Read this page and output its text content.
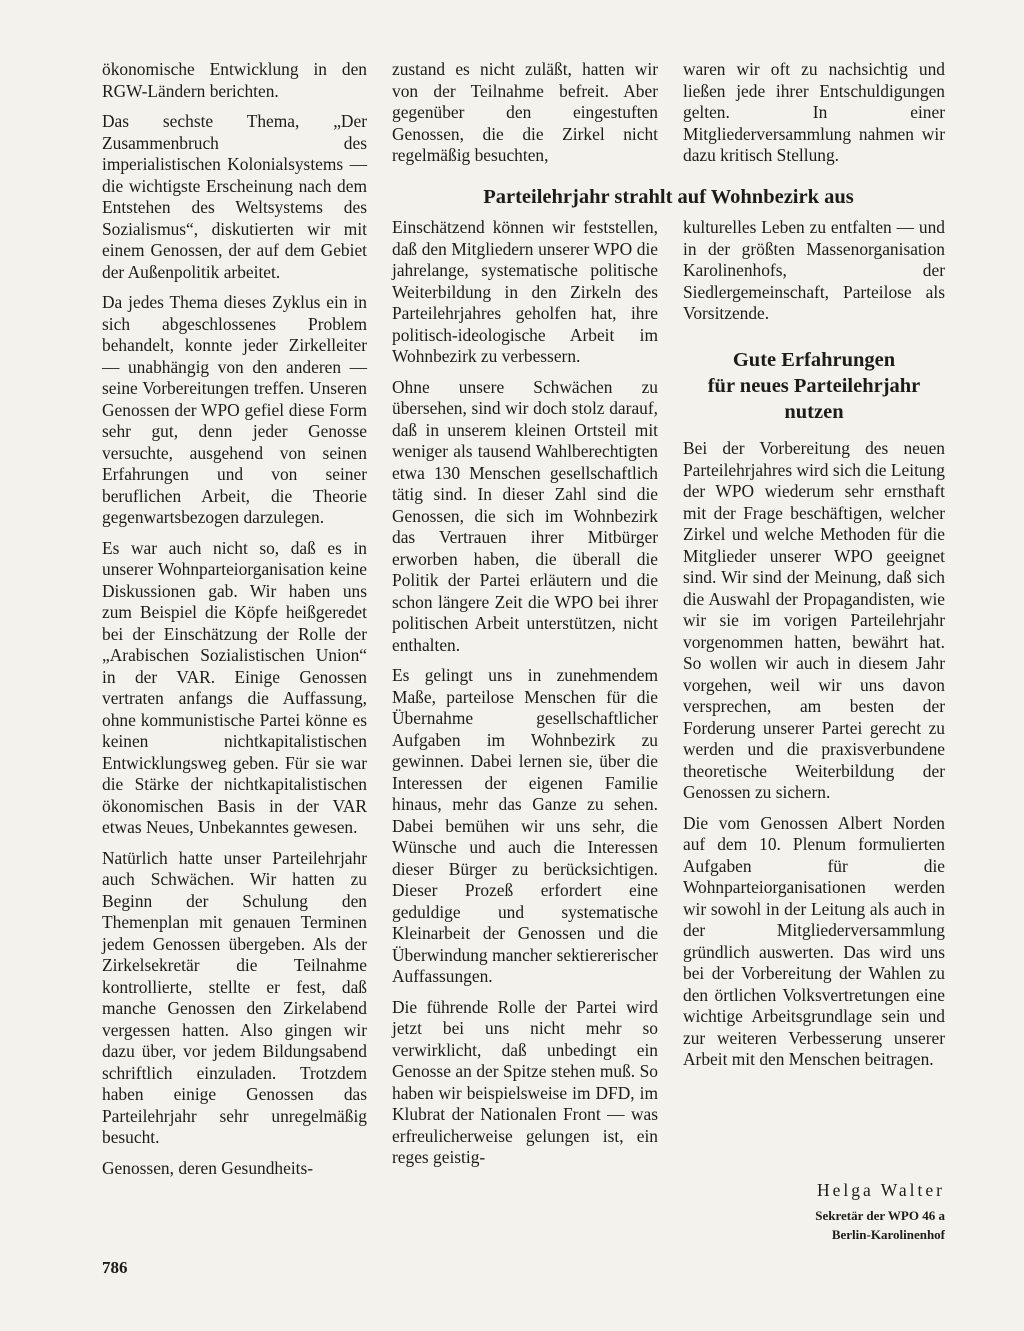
ökonomische Entwicklung in den RGW-Ländern berichten.

Das sechste Thema, „Der Zusammenbruch des imperialistischen Kolonialsystems — die wichtigste Erscheinung nach dem Entstehen des Weltsystems des Sozialismus“, diskutierten wir mit einem Genossen, der auf dem Gebiet der Außenpolitik arbeitet.

Da jedes Thema dieses Zyklus ein in sich abgeschlossenes Problem behandelt, konnte jeder Zirkelleiter — unabhängig von den anderen — seine Vorbereitungen treffen. Unseren Genossen der WPO gefiel diese Form sehr gut, denn jeder Genosse versuchte, ausgehend von seinen Erfahrungen und von seiner beruflichen Arbeit, die Theorie gegenwartsbezogen darzulegen.

Es war auch nicht so, daß es in unserer Wohnparteiorganisation keine Diskussionen gab. Wir haben uns zum Beispiel die Köpfe heißgeredet bei der Einschätzung der Rolle der „Arabischen Sozialistischen Union“ in der VAR. Einige Genossen vertraten anfangs die Auffassung, ohne kommunistische Partei könne es keinen nichtkapitalistischen Entwicklungsweg geben. Für sie war die Stärke der nichtkapitalistischen ökonomischen Basis in der VAR etwas Neues, Unbekanntes gewesen.

Natürlich hatte unser Parteilehrjahr auch Schwächen. Wir hatten zu Beginn der Schulung den Themenplan mit genauen Terminen jedem Genossen übergeben. Als der Zirkelsekretär die Teilnahme kontrollierte, stellte er fest, daß manche Genossen den Zirkelabend vergessen hatten. Also gingen wir dazu über, vor jedem Bildungsabend schriftlich einzuladen. Trotzdem haben einige Genossen das Parteilehrjahr sehr unregelmäßig besucht.

Genossen, deren Gesundheits-

zustand es nicht zuläßt, hatten wir von der Teilnahme befreit. Aber gegenüber den eingestuften Genossen, die die Zirkel nicht regelmäßig besuchten,

waren wir oft zu nachsichtig und ließen jede ihrer Entschuldigungen gelten. In einer Mitgliederversammlung nahmen wir dazu kritisch Stellung.

Parteilehrjahr strahlt auf Wohnbezirk aus

Einschätzend können wir feststellen, daß den Mitgliedern unserer WPO die jahrelange, systematische politische Weiterbildung in den Zirkeln des Parteilehrjahres geholfen hat, ihre politisch-ideologische Arbeit im Wohnbezirk zu verbessern.

Ohne unsere Schwächen zu übersehen, sind wir doch stolz darauf, daß in unserem kleinen Ortsteil mit weniger als tausend Wahlberechtigten etwa 130 Menschen gesellschaftlich tätig sind. In dieser Zahl sind die Genossen, die sich im Wohnbezirk das Vertrauen ihrer Mitbürger erworben haben, die überall die Politik der Partei erläutern und die schon längere Zeit die WPO bei ihrer politischen Arbeit unterstützen, nicht enthalten.

Es gelingt uns in zunehmendem Maße, parteilose Menschen für die Übernahme gesellschaftlicher Aufgaben im Wohnbezirk zu gewinnen. Dabei lernen sie, über die Interessen der eigenen Familie hinaus, mehr das Ganze zu sehen. Dabei bemühen wir uns sehr, die Wünsche und auch die Interessen dieser Bürger zu berücksichtigen. Dieser Prozeß erfordert eine geduldige und systematische Kleinarbeit der Genossen und die Überwindung mancher sektiererischer Auffassungen.

Die führende Rolle der Partei wird jetzt bei uns nicht mehr so verwirklicht, daß unbedingt ein Genosse an der Spitze stehen muß. So haben wir beispielsweise im DFD, im Klubrat der Nationalen Front — was erfreulicherweise gelungen ist, ein reges geistig-

kulturelles Leben zu entfalten — und in der größten Massenorganisation Karolinenhofs, der Siedlergemeinschaft, Parteilose als Vorsitzende.

Gute Erfahrungen
für neues Parteilehrjahr
nutzen

Bei der Vorbereitung des neuen Parteilehrjahres wird sich die Leitung der WPO wiederum sehr ernsthaft mit der Frage beschäftigen, welcher Zirkel und welche Methoden für die Mitglieder unserer WPO geeignet sind. Wir sind der Meinung, daß sich die Auswahl der Propagandisten, wie wir sie im vorigen Parteilehrjahr vorgenommen hatten, bewährt hat. So wollen wir auch in diesem Jahr vorgehen, weil wir uns davon versprechen, am besten der Forderung unserer Partei gerecht zu werden und die praxisverbundene theoretische Weiterbildung der Genossen zu sichern.

Die vom Genossen Albert Norden auf dem 10. Plenum formulierten Aufgaben für die Wohnparteiorganisationen werden wir sowohl in der Leitung als auch in der Mitgliederversammlung gründlich auswerten. Das wird uns bei der Vorbereitung der Wahlen zu den örtlichen Volksvertretungen eine wichtige Arbeitsgrundlage sein und zur weiteren Verbesserung unserer Arbeit mit den Menschen beitragen.

Helga Walter
Sekretär der WPO 46 a
Berlin-Karolinenhof
786
